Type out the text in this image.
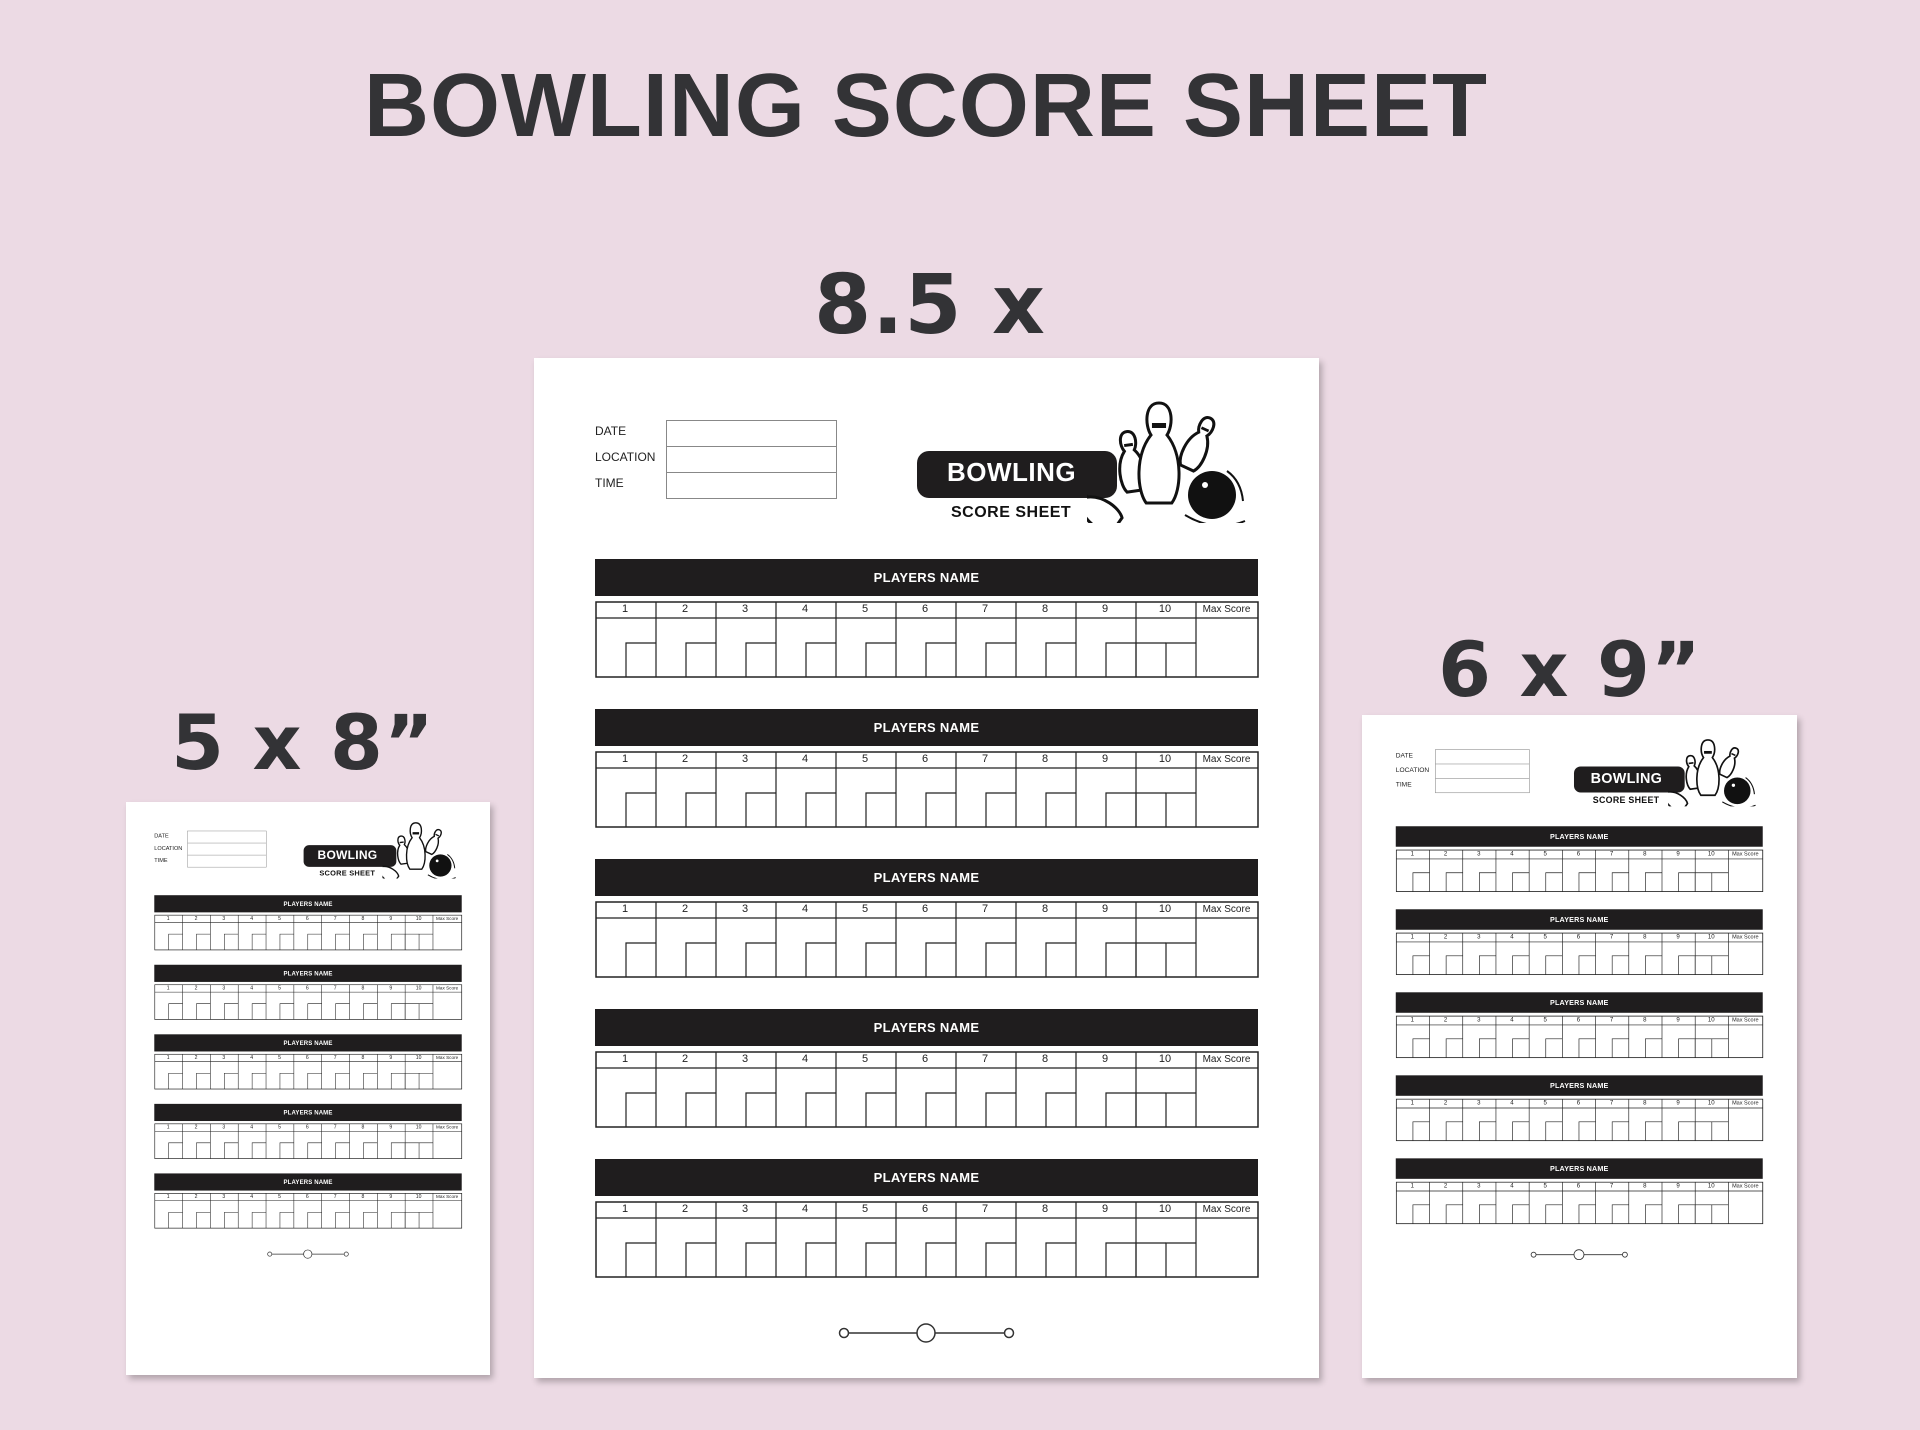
BOWLING SCORE SHEET
5 x 8”
8.5 x
6 x 9”
DATE
LOCATION
TIME	BOWLING
SCORE SHEET
PLAYERS NAME
1	2	3	4	5	6	7	8	9	10	Max Score
PLAYERS NAME
1	2	3	4	5	6	7	8	9	10	Max Score
PLAYERS NAME
1	2	3	4	5	6	7	8	9	10	Max Score
PLAYERS NAME
1	2	3	4	5	6	7	8	9	10	Max Score
PLAYERS NAME
1	2	3	4	5	6	7	8	9	10	Max Score
DATE
LOCATION
TIME	BOWLING
SCORE SHEET
PLAYERS NAME
1	2	3	4	5	6	7	8	9	10	Max Score
PLAYERS NAME
1	2	3	4	5	6	7	8	9	10	Max Score
PLAYERS NAME
1	2	3	4	5	6	7	8	9	10	Max Score
PLAYERS NAME
1	2	3	4	5	6	7	8	9	10	Max Score
PLAYERS NAME
1	2	3	4	5	6	7	8	9	10	Max Score
DATE
LOCATION
TIME	BOWLING
SCORE SHEET
PLAYERS NAME
1	2	3	4	5	6	7	8	9	10	Max Score
PLAYERS NAME
1	2	3	4	5	6	7	8	9	10	Max Score
PLAYERS NAME
1	2	3	4	5	6	7	8	9	10	Max Score
PLAYERS NAME
1	2	3	4	5	6	7	8	9	10	Max Score
PLAYERS NAME
1	2	3	4	5	6	7	8	9	10	Max Score
